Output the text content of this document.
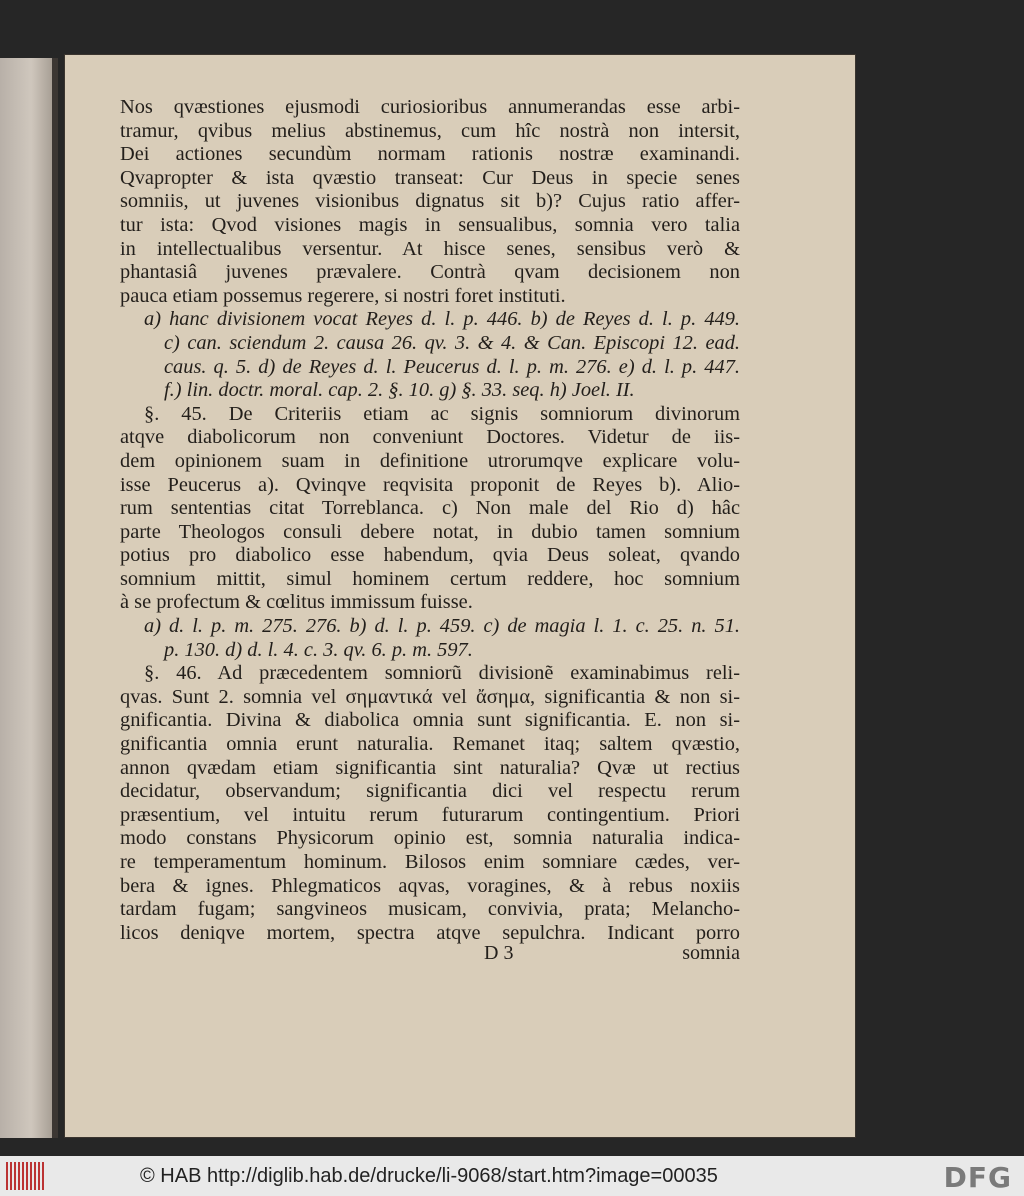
Nos qvæstiones ejusmodi curiosioribus annumerandas esse arbi-
tramur, qvibus melius abstinemus, cum hîc nostrà non intersit,
Dei actiones secundùm normam rationis nostræ examinandi.
Qvapropter & ista qvæstio transeat: Cur Deus in specie senes
somniis, ut juvenes visionibus dignatus sit b)? Cujus ratio affer-
tur ista: Qvod visiones magis in sensualibus, somnia vero talia
in intellectualibus versentur. At hisce senes, sensibus verò &
phantasiâ juvenes prævalere. Contrà qvam decisionem non
pauca etiam possemus regerere, si nostri foret instituti.
a) hanc divisionem vocat Reyes d. l. p. 446. b) de Reyes d. l. p. 449.
c) can. sciendum 2. causa 26. qv. 3. & 4. & Can. Episcopi 12. ead.
caus. q. 5. d) de Reyes d. l. Peucerus d. l. p. m. 276. e) d. l. p. 447.
f.) lin. doctr. moral. cap. 2. §. 10. g) §. 33. seq. h) Joel. II.
§. 45. De Criteriis etiam ac signis somniorum divinorum
atqve diabolicorum non conveniunt Doctores. Videtur de iis-
dem opinionem suam in definitione utrorumqve explicare volu-
isse Peucerus a). Qvinqve reqvisita proponit de Reyes b). Alio-
rum sententias citat Torreblanca. c) Non male del Rio d) hâc
parte Theologos consuli debere notat, in dubio tamen somnium
potius pro diabolico esse habendum, qvia Deus soleat, qvando
somnium mittit, simul hominem certum reddere, hoc somnium
à se profectum & cœlitus immissum fuisse.
a) d. l. p. m. 275. 276. b) d. l. p. 459. c) de magia l. 1. c. 25. n. 51.
p. 130. d) d. l. 4. c. 3. qv. 6. p. m. 597.
§. 46. Ad præcedentem somniorũ divisionẽ examinabimus reli-
qvas. Sunt 2. somnia vel σημαντικά vel ἄσημα, significantia & non si-
gnificantia. Divina & diabolica omnia sunt significantia. E. non si-
gnificantia omnia erunt naturalia. Remanet itaq; saltem qvæstio,
annon qvædam etiam significantia sint naturalia? Qvæ ut rectius
decidatur, observandum; significantia dici vel respectu rerum
præsentium, vel intuitu rerum futurarum contingentium. Priori
modo constans Physicorum opinio est, somnia naturalia indica-
re temperamentum hominum. Bilosos enim somniare cædes, ver-
bera & ignes. Phlegmaticos aqvas, voragines, & à rebus noxiis
tardam fugam; sangvineos musicam, convivia, prata; Melancho-
licos deniqve mortem, spectra atqve sepulchra. Indicant porro
D 3	somnia
© HAB http://diglib.hab.de/drucke/li-9068/start.htm?image=00035	DFG
